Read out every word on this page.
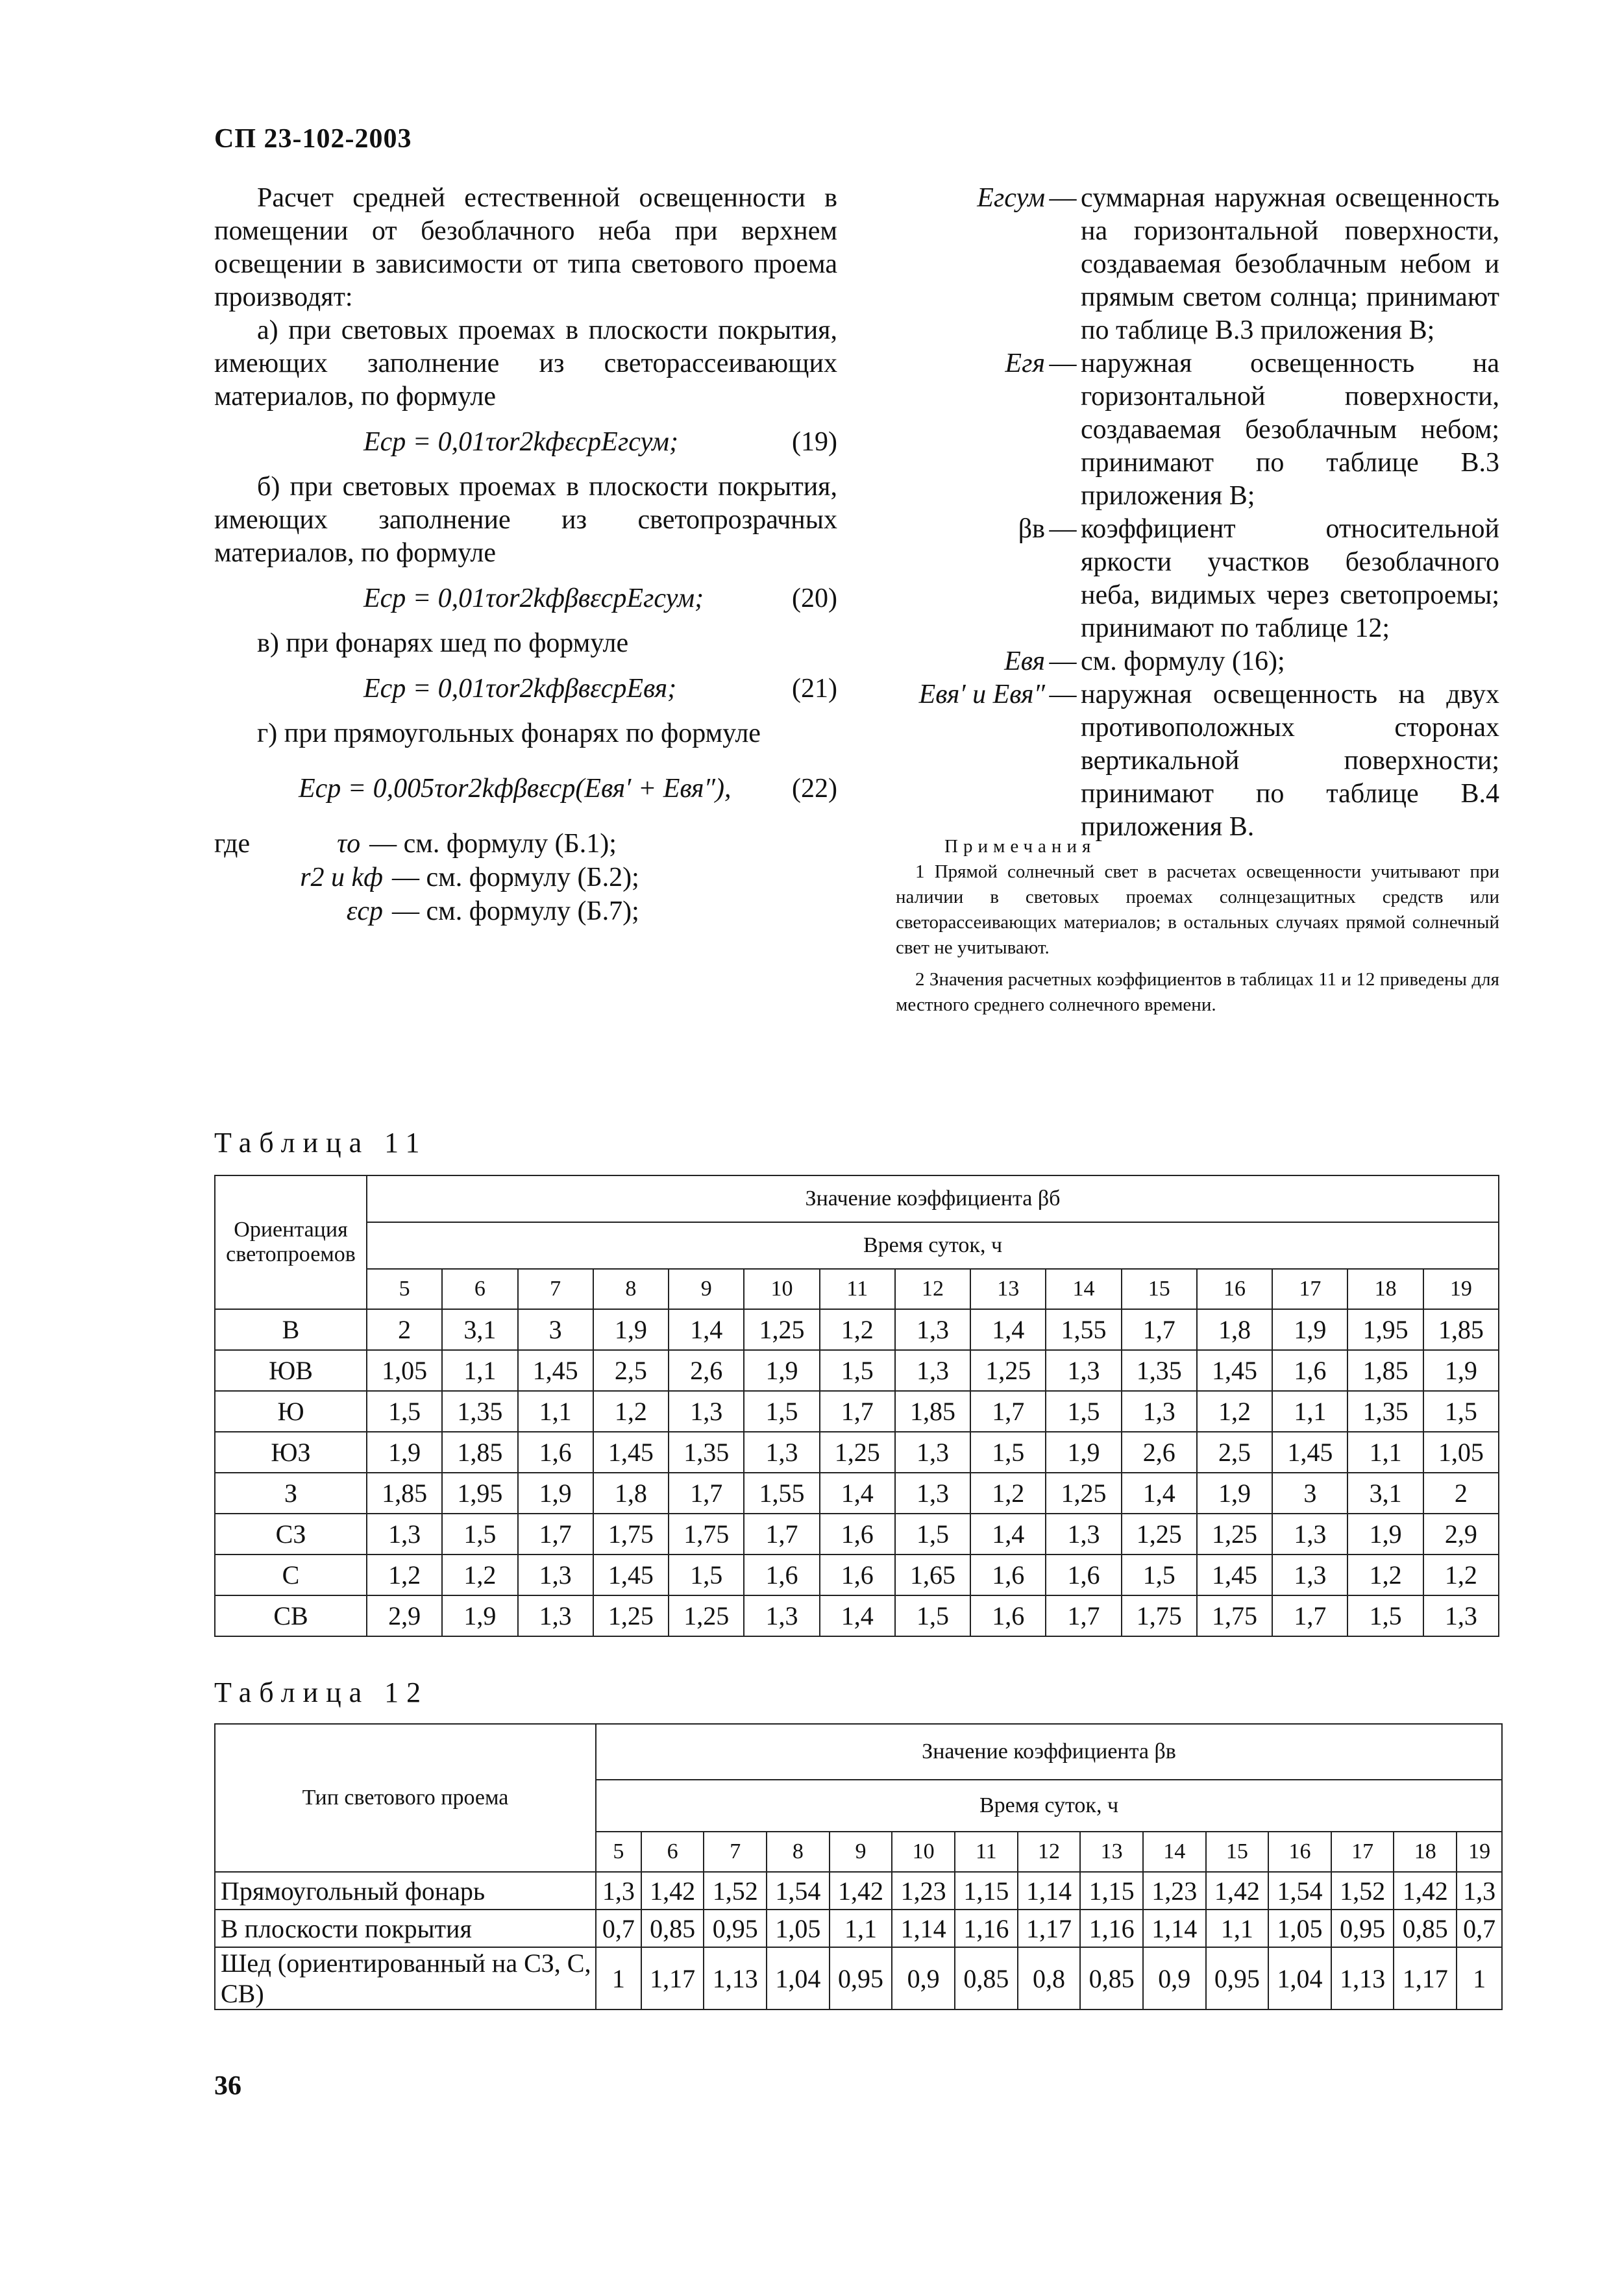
СП 23-102-2003

Расчет средней естественной освещенности в помещении от безоблачного неба при верхнем освещении в зависимости от типа светового проема производят:

а) при световых проемах в плоскости покрытия, имеющих заполнение из светорассеивающих материалов, по формуле

Eср = 0,01τоr2kфεсрEгсум;	(19)

б) при световых проемах в плоскости покрытия, имеющих заполнение из светопрозрачных материалов, по формуле

Eср = 0,01τоr2kфβвεсрEгсум;	(20)

в) при фонарях шед по формуле

Eср = 0,01τоr2kфβвεсрEвя;	(21)

г) при прямоугольных фонарях по формуле

Eср = 0,005τоr2kфβвεср(Eвя′ + Eвя″), (22)
где	τо — см. формулу (Б.1);
r2 и kф — см. формулу (Б.2);
εср — см. формулу (Б.7);
Eгсум — суммарная наружная освещенность на горизонтальной поверхности, создаваемая безоблачным небом и прямым светом солнца; принимают по таблице В.3 приложения В;
Eгя — наружная освещенность на горизонтальной поверхности, создаваемая безоблачным небом; принимают по таблице В.3 приложения В;
βв — коэффициент относительной яркости участков безоблачного неба, видимых через светопроемы; принимают по таблице 12;
Eвя — см. формулу (16);
Eвя′ и Eвя″ — наружная освещенность на двух противоположных сторонах вертикальной поверхности; принимают по таблице В.4 приложения В.
Примечания

1 Прямой солнечный свет в расчетах освещенности учитывают при наличии в световых проемах солнцезащитных средств или светорассеивающих материалов; в остальных случаях прямой солнечный свет не учитывают.

2 Значения расчетных коэффициентов в таблицах 11 и 12 приведены для местного среднего солнечного времени.

Таблица 11
Ориентация светопроемов	Значение коэффициента βб														
	Время суток, ч														
	5	6	7	8	9	10	11	12	13	14	15	16	17	18	19
В	2	3,1	3	1,9	1,4	1,25	1,2	1,3	1,4	1,55	1,7	1,8	1,9	1,95	1,85
ЮВ	1,05	1,1	1,45	2,5	2,6	1,9	1,5	1,3	1,25	1,3	1,35	1,45	1,6	1,85	1,9
Ю	1,5	1,35	1,1	1,2	1,3	1,5	1,7	1,85	1,7	1,5	1,3	1,2	1,1	1,35	1,5
ЮЗ	1,9	1,85	1,6	1,45	1,35	1,3	1,25	1,3	1,5	1,9	2,6	2,5	1,45	1,1	1,05
З	1,85	1,95	1,9	1,8	1,7	1,55	1,4	1,3	1,2	1,25	1,4	1,9	3	3,1	2
СЗ	1,3	1,5	1,7	1,75	1,75	1,7	1,6	1,5	1,4	1,3	1,25	1,25	1,3	1,9	2,9
С	1,2	1,2	1,3	1,45	1,5	1,6	1,6	1,65	1,6	1,6	1,5	1,45	1,3	1,2	1,2
СВ	2,9	1,9	1,3	1,25	1,25	1,3	1,4	1,5	1,6	1,7	1,75	1,75	1,7	1,5	1,3
Таблица 12
Тип светового проема	Значение коэффициента βв														
	Время суток, ч														
	5	6	7	8	9	10	11	12	13	14	15	16	17	18	19
Прямоугольный фонарь	1,3	1,42	1,52	1,54	1,42	1,23	1,15	1,14	1,15	1,23	1,42	1,54	1,52	1,42	1,3
В плоскости покрытия	0,7	0,85	0,95	1,05	1,1	1,14	1,16	1,17	1,16	1,14	1,1	1,05	0,95	0,85	0,7
Шед (ориентированный на СЗ, С, СВ)	1	1,17	1,13	1,04	0,95	0,9	0,85	0,8	0,85	0,9	0,95	1,04	1,13	1,17	1
36
